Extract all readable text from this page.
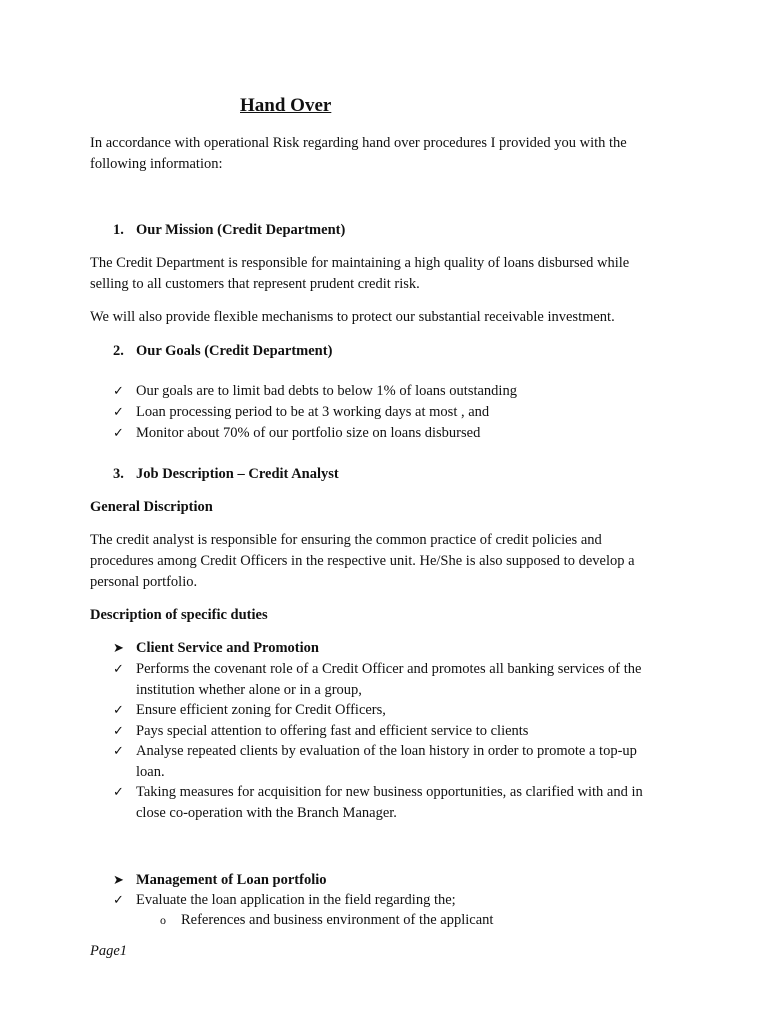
Hand Over

In accordance with operational Risk regarding hand over procedures I provided you with the

following information:

1. Our Mission (Credit Department)

The Credit Department is responsible for maintaining a high quality of loans disbursed while

selling to all customers that represent prudent credit risk.

We will also provide flexible mechanisms to protect our substantial receivable investment.

2. Our Goals (Credit Department)

✓ Our goals are to limit bad debts to below 1% of loans outstanding

✓ Loan processing period to be at 3 working days at most , and

✓ Monitor about 70% of our portfolio size on loans disbursed

3. Job Description – Credit Analyst

General Discription

The credit analyst is responsible for ensuring the common practice of credit policies and

procedures among Credit Officers in the respective unit. He/She is also supposed to develop a

personal portfolio.

Description of specific duties

➤ Client Service and Promotion

✓ Performs the covenant role of a Credit Officer and promotes all banking services of the

institution whether alone or in a group,

✓ Ensure efficient zoning for Credit Officers,

✓ Pays special attention to offering fast and efficient service to clients

✓ Analyse repeated clients by evaluation of the loan history in order to promote a top-up

loan.

✓ Taking measures for acquisition for new business opportunities, as clarified with and in

close co-operation with the Branch Manager.

➤ Management of Loan portfolio

✓ Evaluate the loan application in the field regarding the;

o References and business environment of the applicant

Page1
